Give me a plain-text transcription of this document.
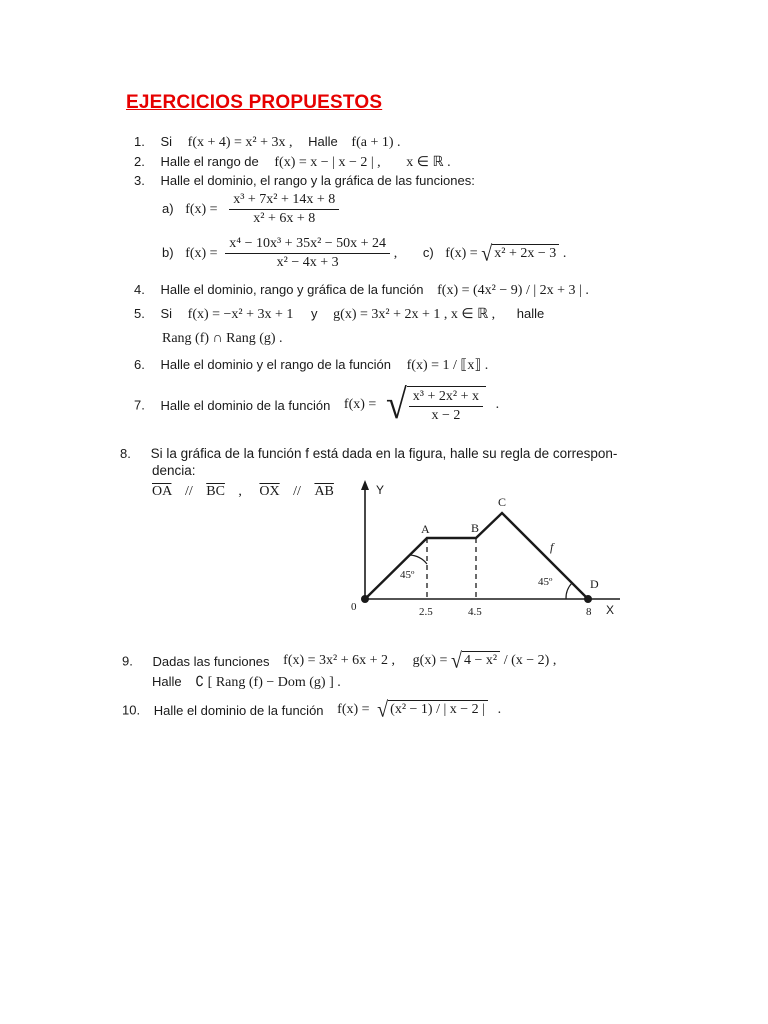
EJERCICIOS PROPUESTOS
1. Si f(x + 4) = x² + 3x , Halle f(a + 1) .
2. Halle el rango de f(x) = x − | x − 2 | , x ∈ ℝ .
3. Halle el dominio, el rango y la gráfica de las funciones:
a) $f(x) = \frac{\text{x³ + 7x² + 14x + 8}}{\text{x² + 6x + 8}}$
b) $f(x) = \frac{\text{x⁴ − 10x³ + 35x² − 50x + 24}}{\text{x² − 4x + 3}}$ , c) f(x) = √ x² + 2x − 3 .
4. Halle el dominio, rango y gráfica de la función f(x) = (4x² − 9) / | 2x + 3 | .
5. Si f(x) = −x² + 3x + 1 y g(x) = 3x² + 2x + 1 , x ∈ ℝ , halle
Rang (f) ∩ Rang (g) .
6. Halle el dominio y el rango de la función f(x) = 1 / ⟦x⟧ .
7. Halle el dominio de la función f(x) = √ $\frac{\text{x³ + 2x² + x}}{x - 2}$ .
8. Si la gráfica de la función f está dada en la figura, halle su regla de correspon-
dencia:
$\overline{OA} // \overline{BC}$ , $\overline{OX} // \overline{AB}$	Y
X
0	2.5	4.5	8
A	B
C
D
f
45º
45º
9. Dadas las funciones f(x) = 3x² + 6x + 2 , g(x) = √ 4 − x² / (x − 2) ,
Halle ∁ [ Rang (f) − Dom (g) ] .
10. Halle el dominio de la función f(x) = √ (x² − 1) / | x − 2 | .
